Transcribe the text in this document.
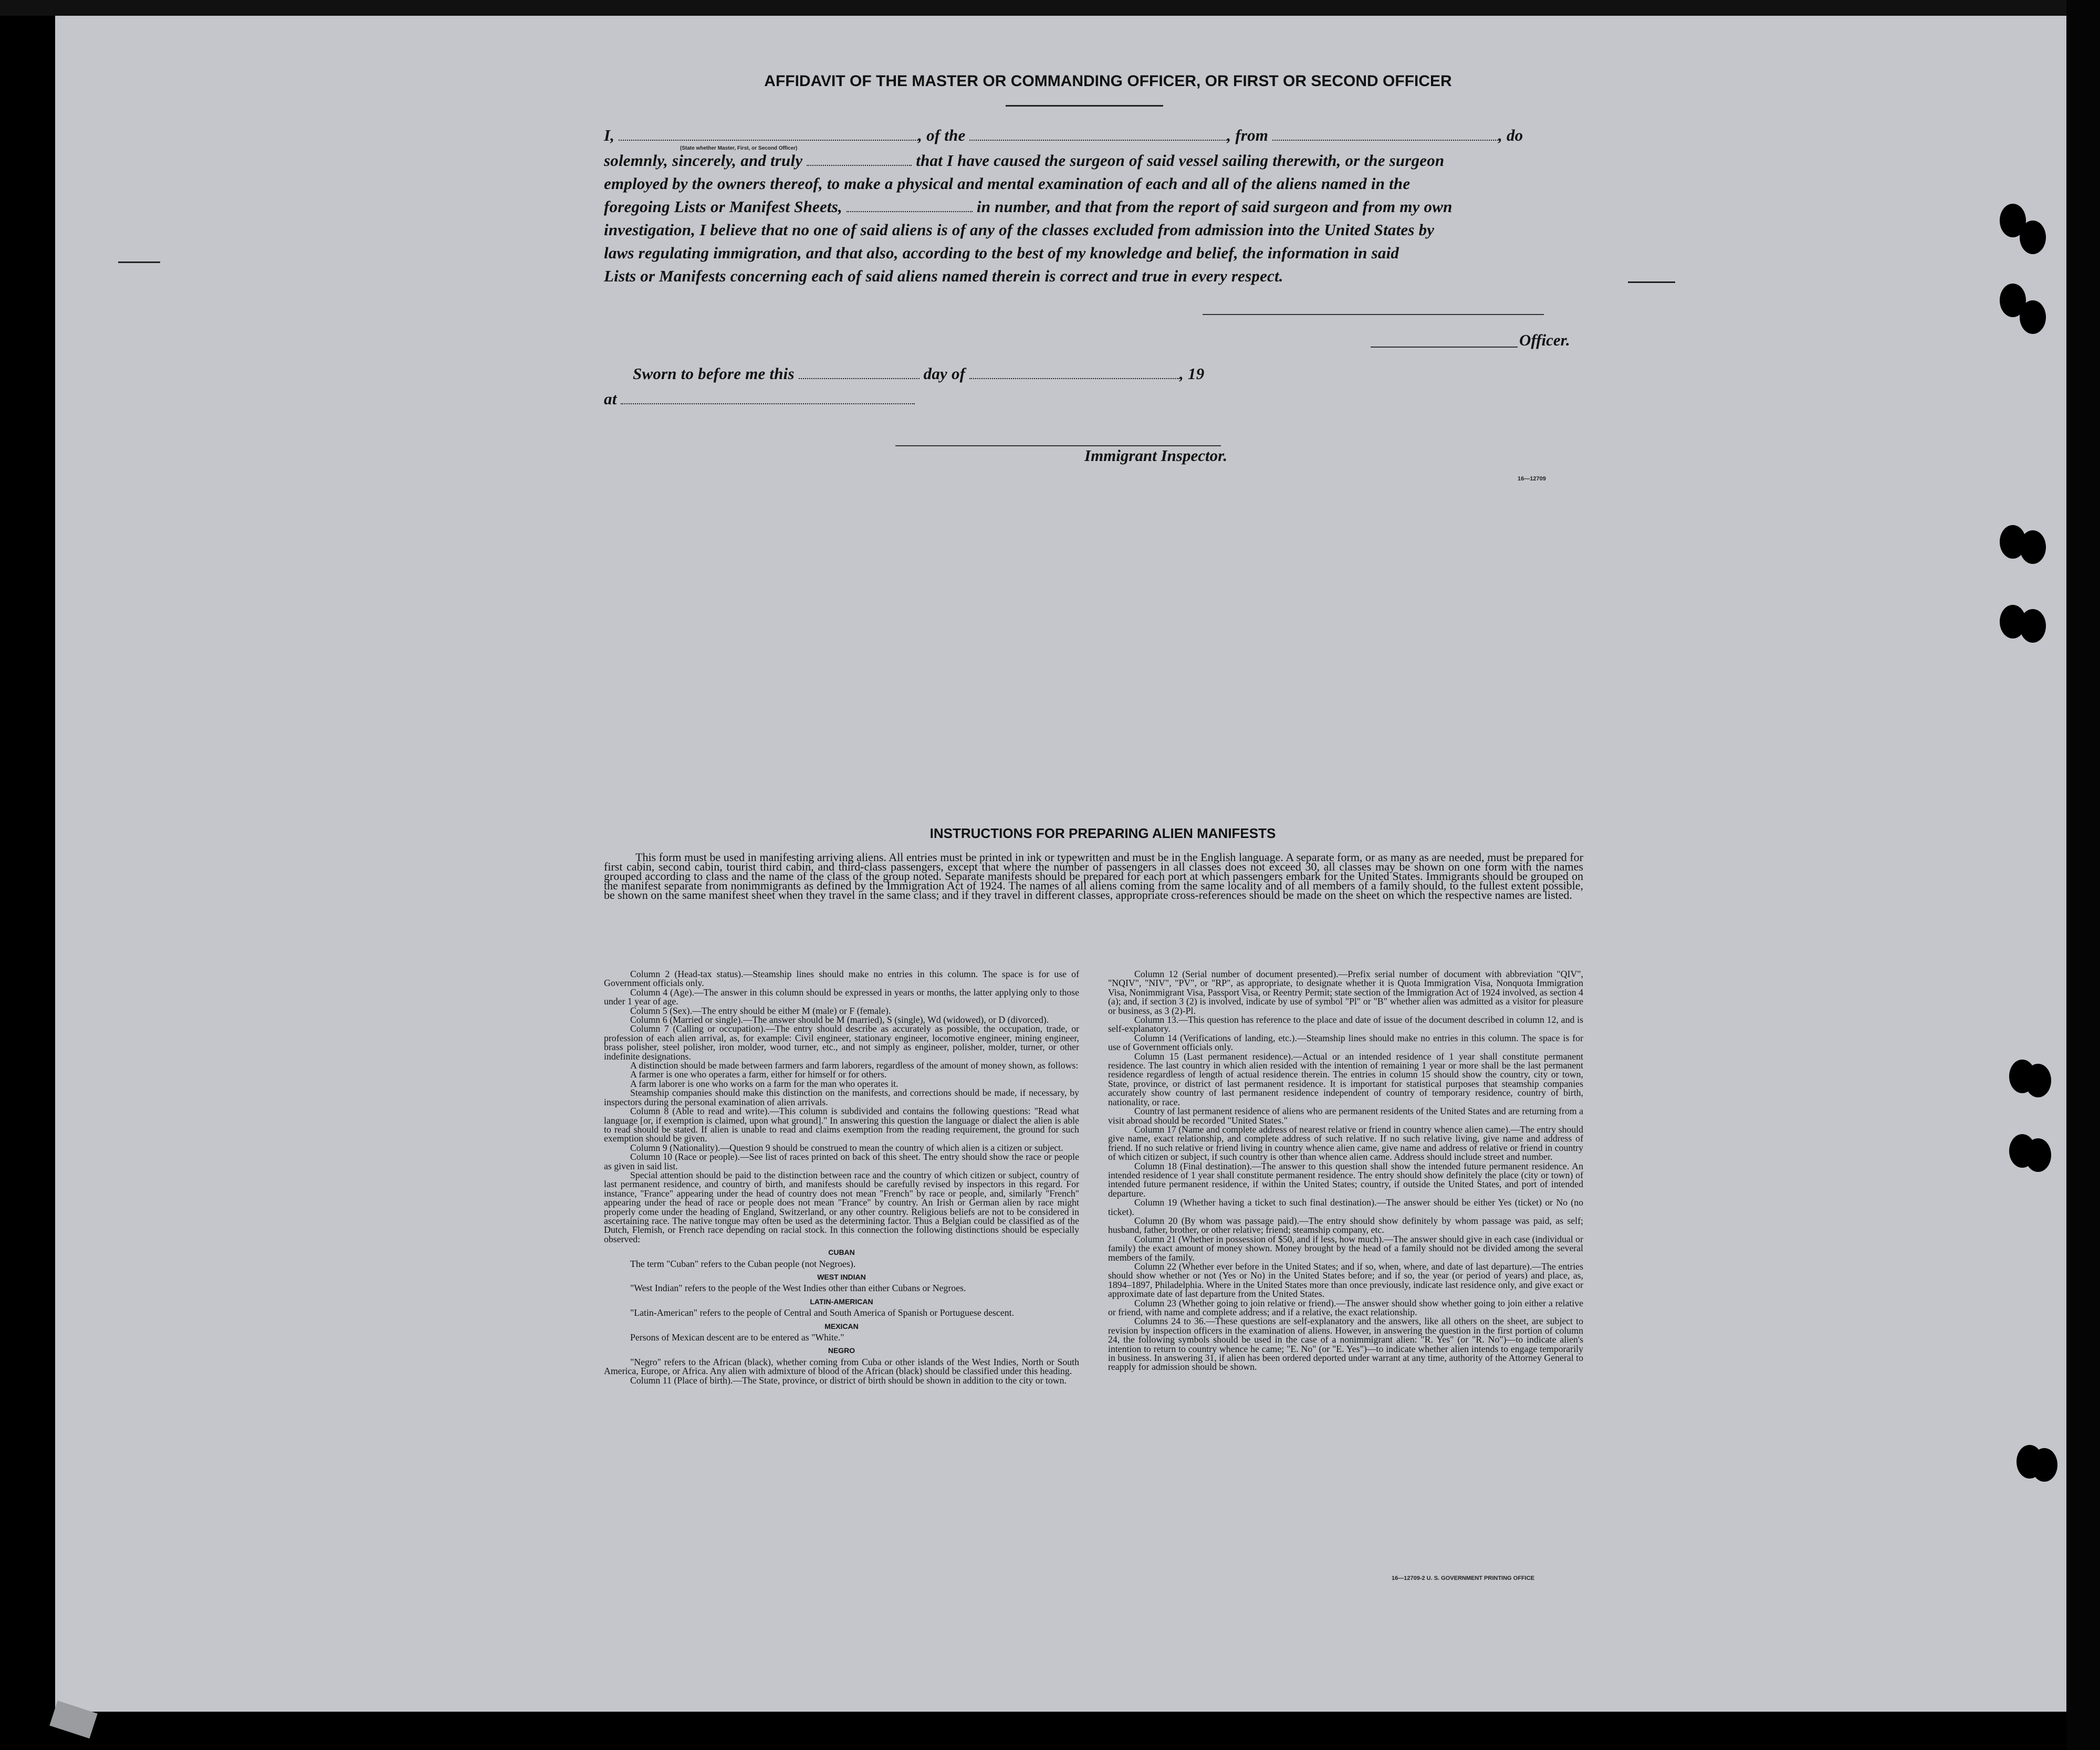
AFFIDAVIT OF THE MASTER OR COMMANDING OFFICER, OR FIRST OR SECOND OFFICER
I,	, of the	, from	, do
(State whether Master, First, or Second Officer)
solemnly, sincerely, and truly	that I have caused the surgeon of said vessel sailing therewith, or the surgeon
employed by the owners thereof, to make a physical and mental examination of each and all of the aliens named in the
foregoing Lists or Manifest Sheets,	in number, and that from the report of said surgeon and from my own
investigation, I believe that no one of said aliens is of any of the classes excluded from admission into the United States by
laws regulating immigration, and that also, according to the best of my knowledge and belief, the information in said
Lists or Manifests concerning each of said aliens named therein is correct and true in every respect.
Officer.
Sworn to before me this	day of	, 19
at
Immigrant Inspector.
16—12709
INSTRUCTIONS FOR PREPARING ALIEN MANIFESTS
This form must be used in manifesting arriving aliens. All entries must be printed in ink or typewritten and must be in the English language. A separate form, or as many as are needed, must be prepared for first cabin, second cabin, tourist third cabin, and third-class passengers, except that where the number of passengers in all classes does not exceed 30, all classes may be shown on one form with the names grouped according to class and the name of the class of the group noted. Separate manifests should be prepared for each port at which passengers embark for the United States. Immigrants should be grouped on the manifest separate from nonimmigrants as defined by the Immigration Act of 1924. The names of all aliens coming from the same locality and of all members of a family should, to the fullest extent possible, be shown on the same manifest sheet when they travel in the same class; and if they travel in different classes, appropriate cross-references should be made on the sheet on which the respective names are listed.

Column 2 (Head-tax status).—Steamship lines should make no entries in this column. The space is for use of Government officials only.

Column 4 (Age).—The answer in this column should be expressed in years or months, the latter applying only to those under 1 year of age.

Column 5 (Sex).—The entry should be either M (male) or F (female).

Column 6 (Married or single).—The answer should be M (married), S (single), Wd (widowed), or D (divorced).

Column 7 (Calling or occupation).—The entry should describe as accurately as possible, the occupation, trade, or profession of each alien arrival, as, for example: Civil engineer, stationary engineer, locomotive engineer, mining engineer, brass polisher, steel polisher, iron molder, wood turner, etc., and not simply as engineer, polisher, molder, turner, or other indefinite designations.

A distinction should be made between farmers and farm laborers, regardless of the amount of money shown, as follows:

A farmer is one who operates a farm, either for himself or for others.

A farm laborer is one who works on a farm for the man who operates it.

Steamship companies should make this distinction on the manifests, and corrections should be made, if necessary, by inspectors during the personal examination of alien arrivals.

Column 8 (Able to read and write).—This column is subdivided and contains the following questions: "Read what language [or, if exemption is claimed, upon what ground]." In answering this question the language or dialect the alien is able to read should be stated. If alien is unable to read and claims exemption from the reading requirement, the ground for such exemption should be given.

Column 9 (Nationality).—Question 9 should be construed to mean the country of which alien is a citizen or subject.

Column 10 (Race or people).—See list of races printed on back of this sheet. The entry should show the race or people as given in said list.

Special attention should be paid to the distinction between race and the country of which citizen or subject, country of last permanent residence, and country of birth, and manifests should be carefully revised by inspectors in this regard. For instance, "France" appearing under the head of country does not mean "French" by race or people, and, similarly "French" appearing under the head of race or people does not mean "France" by country. An Irish or German alien by race might properly come under the heading of England, Switzerland, or any other country. Religious beliefs are not to be considered in ascertaining race. The native tongue may often be used as the determining factor. Thus a Belgian could be classified as of the Dutch, Flemish, or French race depending on racial stock. In this connection the following distinctions should be especially observed:

CUBAN

The term "Cuban" refers to the Cuban people (not Negroes).

WEST INDIAN

"West Indian" refers to the people of the West Indies other than either Cubans or Negroes.

LATIN-AMERICAN

"Latin-American" refers to the people of Central and South America of Spanish or Portuguese descent.

MEXICAN

Persons of Mexican descent are to be entered as "White."

NEGRO

"Negro" refers to the African (black), whether coming from Cuba or other islands of the West Indies, North or South America, Europe, or Africa. Any alien with admixture of blood of the African (black) should be classified under this heading.

Column 11 (Place of birth).—The State, province, or district of birth should be shown in addition to the city or town.

Column 12 (Serial number of document presented).—Prefix serial number of document with abbreviation "QIV", "NQIV", "NIV", "PV", or "RP", as appropriate, to designate whether it is Quota Immigration Visa, Nonquota Immigration Visa, Nonimmigrant Visa, Passport Visa, or Reentry Permit; state section of the Immigration Act of 1924 involved, as section 4 (a); and, if section 3 (2) is involved, indicate by use of symbol "Pl" or "B" whether alien was admitted as a visitor for pleasure or business, as 3 (2)-Pl.

Column 13.—This question has reference to the place and date of issue of the document described in column 12, and is self-explanatory.

Column 14 (Verifications of landing, etc.).—Steamship lines should make no entries in this column. The space is for use of Government officials only.

Column 15 (Last permanent residence).—Actual or an intended residence of 1 year shall constitute permanent residence. The last country in which alien resided with the intention of remaining 1 year or more shall be the last permanent residence regardless of length of actual residence therein. The entries in column 15 should show the country, city or town, State, province, or district of last permanent residence. It is important for statistical purposes that steamship companies accurately show country of last permanent residence independent of country of temporary residence, country of birth, nationality, or race.

Country of last permanent residence of aliens who are permanent residents of the United States and are returning from a visit abroad should be recorded "United States."

Column 17 (Name and complete address of nearest relative or friend in country whence alien came).—The entry should give name, exact relationship, and complete address of such relative. If no such relative living, give name and address of friend. If no such relative or friend living in country whence alien came, give name and address of relative or friend in country of which citizen or subject, if such country is other than whence alien came. Address should include street and number.

Column 18 (Final destination).—The answer to this question shall show the intended future permanent residence. An intended residence of 1 year shall constitute permanent residence. The entry should show definitely the place (city or town) of intended future permanent residence, if within the United States; country, if outside the United States, and port of intended departure.

Column 19 (Whether having a ticket to such final destination).—The answer should be either Yes (ticket) or No (no ticket).

Column 20 (By whom was passage paid).—The entry should show definitely by whom passage was paid, as self; husband, father, brother, or other relative; friend; steamship company, etc.

Column 21 (Whether in possession of $50, and if less, how much).—The answer should give in each case (individual or family) the exact amount of money shown. Money brought by the head of a family should not be divided among the several members of the family.

Column 22 (Whether ever before in the United States; and if so, when, where, and date of last departure).—The entries should show whether or not (Yes or No) in the United States before; and if so, the year (or period of years) and place, as, 1894–1897, Philadelphia. Where in the United States more than once previously, indicate last residence only, and give exact or approximate date of last departure from the United States.

Column 23 (Whether going to join relative or friend).—The answer should show whether going to join either a relative or friend, with name and complete address; and if a relative, the exact relationship.

Columns 24 to 36.—These questions are self-explanatory and the answers, like all others on the sheet, are subject to revision by inspection officers in the examination of aliens. However, in answering the question in the first portion of column 24, the following symbols should be used in the case of a nonimmigrant alien: "R. Yes" (or "R. No")—to indicate alien's intention to return to country whence he came; "E. No" (or "E. Yes")—to indicate whether alien intends to engage temporarily in business. In answering 31, if alien has been ordered deported under warrant at any time, authority of the Attorney General to reapply for admission should be shown.

16—12709-2 U. S. GOVERNMENT PRINTING OFFICE
